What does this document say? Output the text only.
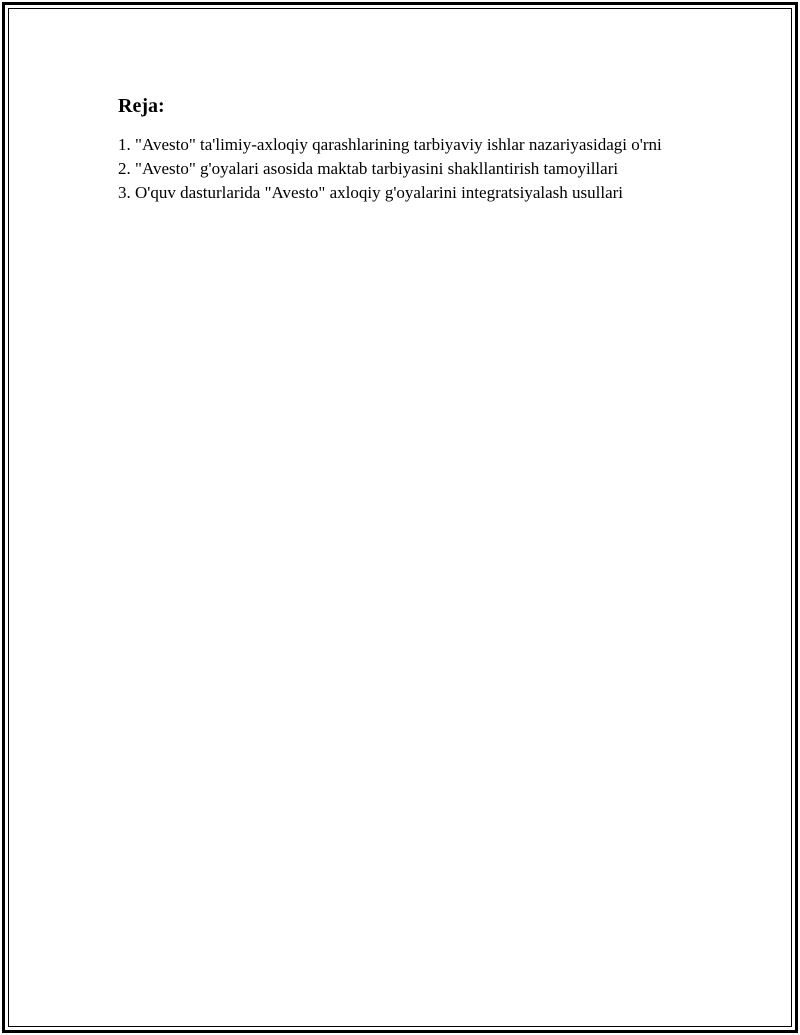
Reja:
1. "Avesto" ta'limiy-axloqiy qarashlarining tarbiyaviy ishlar nazariyasidagi o'rni
2. "Avesto" g'oyalari asosida maktab tarbiyasini shakllantirish tamoyillari
3. O'quv dasturlarida "Avesto" axloqiy g'oyalarini integratsiyalash usullari
